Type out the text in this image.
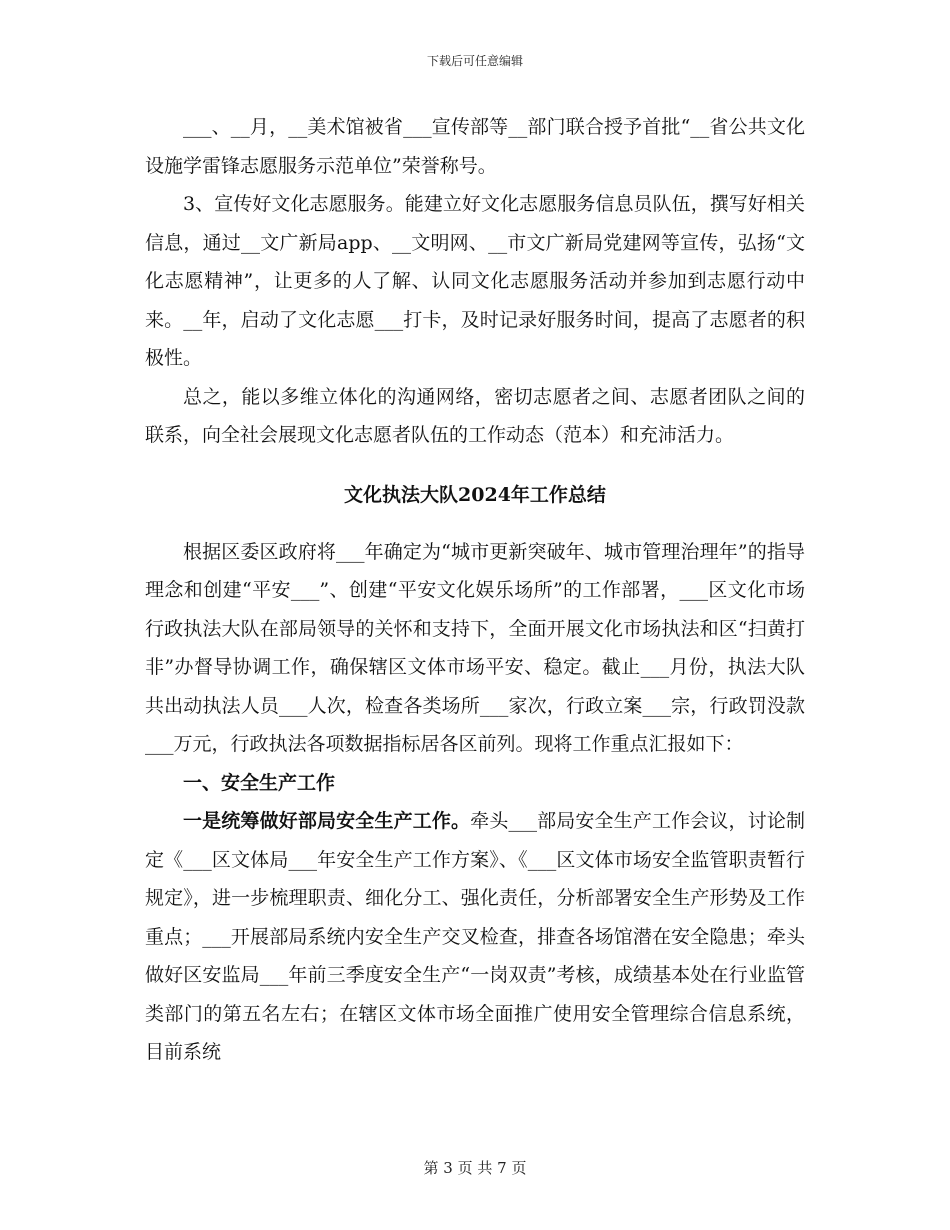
下载后可任意编辑

___、__月，__美术馆被省___宣传部等__部门联合授予首批“__省公共文化设施学雷锋志愿服务示范单位”荣誉称号。

3、宣传好文化志愿服务。能建立好文化志愿服务信息员队伍，撰写好相关信息，通过__文广新局app、__文明网、__市文广新局党建网等宣传，弘扬“文化志愿精神”，让更多的人了解、认同文化志愿服务活动并参加到志愿行动中来。__年，启动了文化志愿___打卡，及时记录好服务时间，提高了志愿者的积极性。

总之，能以多维立体化的沟通网络，密切志愿者之间、志愿者团队之间的联系，向全社会展现文化志愿者队伍的工作动态（范本）和充沛活力。

文化执法大队2024年工作总结

根据区委区政府将___年确定为“城市更新突破年、城市管理治理年”的指导理念和创建“平安___”、创建“平安文化娱乐场所”的工作部署，___区文化市场行政执法大队在部局领导的关怀和支持下，全面开展文化市场执法和区“扫黄打非”办督导协调工作，确保辖区文体市场平安、稳定。截止___月份，执法大队共出动执法人员___人次，检查各类场所___家次，行政立案___宗，行政罚没款___万元，行政执法各项数据指标居各区前列。现将工作重点汇报如下：

一、安全生产工作

一是统筹做好部局安全生产工作。牵头___部局安全生产工作会议，讨论制定《___区文体局___年安全生产工作方案》、《___区文体市场安全监管职责暂行规定》，进一步梳理职责、细化分工、强化责任，分析部署安全生产形势及工作重点；___开展部局系统内安全生产交叉检查，排查各场馆潜在安全隐患；牵头做好区安监局___年前三季度安全生产“一岗双责”考核，成绩基本处在行业监管类部门的第五名左右；在辖区文体市场全面推广使用安全管理综合信息系统，目前系统

第 3 页 共 7 页
